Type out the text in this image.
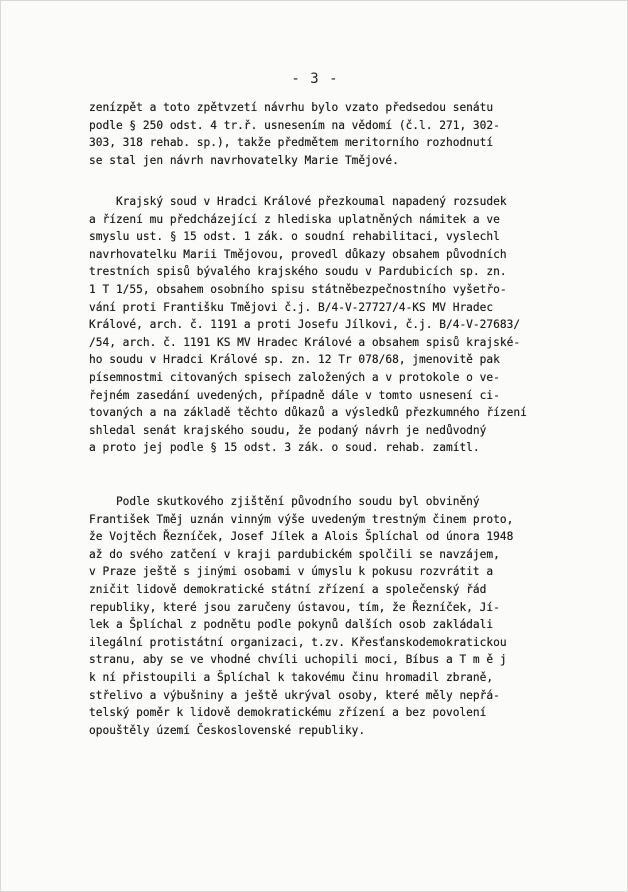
- 3 -

zenízpět a toto zpětvzetí návrhu bylo vzato předsedou senátu
podle § 250 odst. 4 tr.ř. usnesením na vědomí (č.l. 271, 302-
303, 318 rehab. sp.), takže předmětem meritorního rozhodnutí
se stal jen návrh navrhovatelky Marie Tmějové.

Krajský soud v Hradci Králové přezkoumal napadený rozsudek
a řízení mu předcházející z hlediska uplatněných námitek a ve
smyslu ust. § 15 odst. 1 zák. o soudní rehabilitaci, vyslechl
navrhovatelku Marii Tmějovou, provedl důkazy obsahem původních
trestních spisů bývalého krajského soudu v Pardubicích sp. zn.
1 T 1/55, obsahem osobního spisu státněbezpečnostního vyšetřo-
vání proti Františku Tmějovi č.j. B/4-V-27727/4-KS MV Hradec
Králové, arch. č. 1191 a proti Josefu Jílkovi, č.j. B/4-V-27683/
/54, arch. č. 1191 KS MV Hradec Králové a obsahem spisů krajské-
ho soudu v Hradci Králové sp. zn. 12 Tr 078/68, jmenovitě pak
písemnostmi citovaných spisech založených a v protokole o ve-
řejném zasedání uvedených, případně dále v tomto usnesení ci-
tovaných a na základě těchto důkazů a výsledků přezkumného řízení
shledal senát krajského soudu, že podaný návrh je nedůvodný
a proto jej podle § 15 odst. 3 zák. o soud. rehab. zamítl.

Podle skutkového zjištění původního soudu byl obviněný
František Tměj uznán vinným výše uvedeným trestným činem proto,
že Vojtěch Řezníček, Josef Jílek a Alois Šplíchal od února 1948
až do svého zatčení v kraji pardubickém spolčili se navzájem,
v Praze ještě s jinými osobami v úmyslu k pokusu rozvrátit a
zničit lidově demokratické státní zřízení a společenský řád
republiky, které jsou zaručeny ústavou, tím, že Řezníček, Jí-
lek a Šplíchal z podnětu podle pokynů dalších osob zakládali
ilegální protistátní organizaci, t.zv. Křesťanskodemokratickou
stranu, aby se ve vhodné chvíli uchopili moci, Bíbus a T m ě j
k ní přistoupili a Šplíchal k takovému činu hromadil zbraně,
střelivo a výbušniny a ještě ukrýval osoby, které měly nepřá-
telský poměr k lidově demokratickému zřízení a bez povolení
opouštěly území Československé republiky.
